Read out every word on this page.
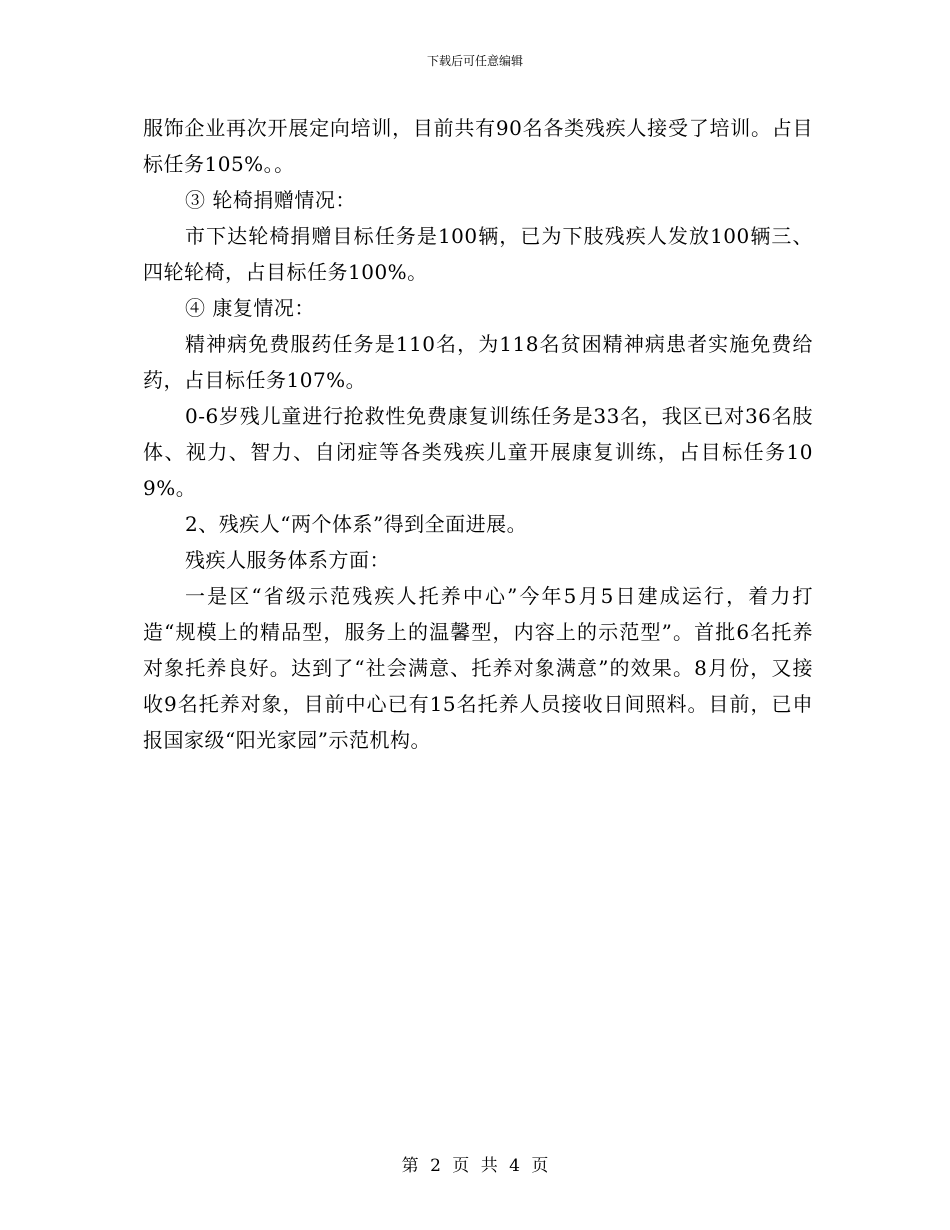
下载后可任意编辑

服饰企业再次开展定向培训，目前共有90名各类残疾人接受了培训。占目标任务105%。。

③ 轮椅捐赠情况：

市下达轮椅捐赠目标任务是100辆，已为下肢残疾人发放100辆三、四轮轮椅，占目标任务100%。

④ 康复情况：

精神病免费服药任务是110名，为118名贫困精神病患者实施免费给药，占目标任务107%。

0-6岁残儿童进行抢救性免费康复训练任务是33名，我区已对36名肢体、视力、智力、自闭症等各类残疾儿童开展康复训练，占目标任务109%。

2、残疾人“两个体系”得到全面进展。

残疾人服务体系方面：

一是区“省级示范残疾人托养中心”今年5月5日建成运行，着力打造“规模上的精品型，服务上的温馨型，内容上的示范型”。首批6名托养对象托养良好。达到了“社会满意、托养对象满意”的效果。8月份，又接收9名托养对象，目前中心已有15名托养人员接收日间照料。目前，已申报国家级“阳光家园”示范机构。

第 2 页 共 4 页
